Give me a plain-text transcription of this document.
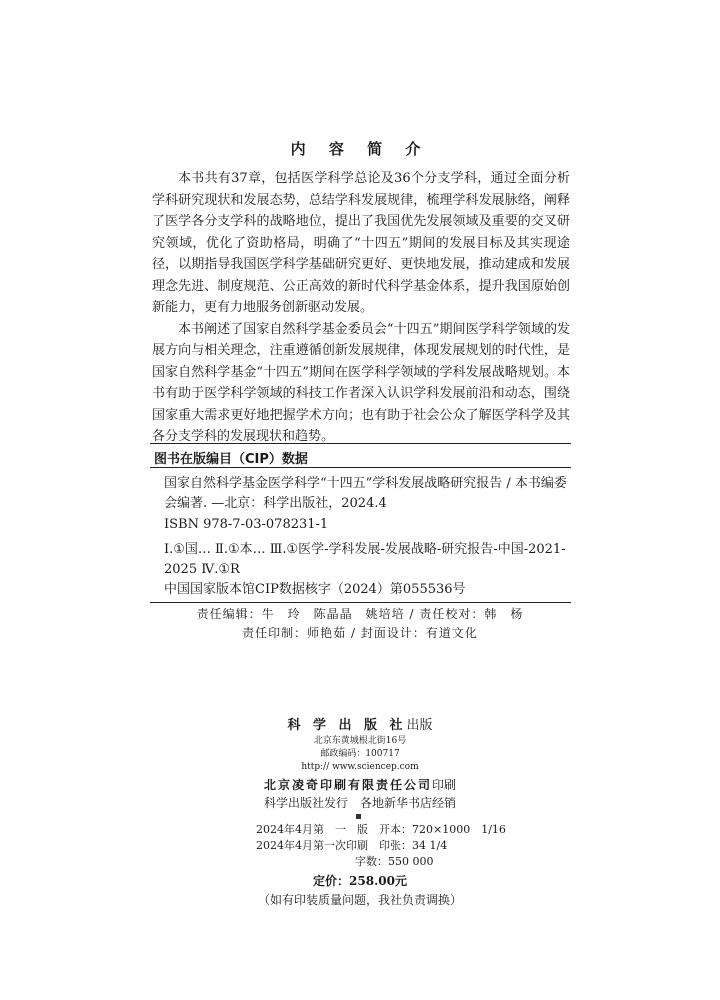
内 容 简 介

本书共有37章，包括医学科学总论及36个分支学科，通过全面分析学科研究现状和发展态势，总结学科发展规律，梳理学科发展脉络，阐释了医学各分支学科的战略地位，提出了我国优先发展领域及重要的交叉研究领域，优化了资助格局，明确了“十四五”期间的发展目标及其实现途径，以期指导我国医学科学基础研究更好、更快地发展，推动建成和发展理念先进、制度规范、公正高效的新时代科学基金体系，提升我国原始创新能力，更有力地服务创新驱动发展。

本书阐述了国家自然科学基金委员会“十四五”期间医学科学领域的发展方向与相关理念，注重遵循创新发展规律，体现发展规划的时代性，是国家自然科学基金“十四五”期间在医学科学领域的学科发展战略规划。本书有助于医学科学领域的科技工作者深入认识学科发展前沿和动态，围绕国家重大需求更好地把握学术方向；也有助于社会公众了解医学科学及其各分支学科的发展现状和趋势。

图书在版编目（CIP）数据
国家自然科学基金医学科学“十四五”学科发展战略研究报告 / 本书编委会编著. —北京：科学出版社，2024.4
ISBN 978-7-03-078231-1
Ⅰ.①国… Ⅱ.①本… Ⅲ.①医学-学科发展-发展战略-研究报告-中国-2021-2025 Ⅳ.①R
中国国家版本馆CIP数据核字（2024）第055536号
责任编辑：牛　玲　陈晶晶　姚培培 / 责任校对：韩　杨
责任印制：师艳茹 / 封面设计：有道文化
科 学 出 版 社出版
北京东黄城根北街16号
邮政编码：100717
http:// www.sciencep.com
北京凌奇印刷有限责任公司印刷
科学出版社发行　各地新华书店经销
2024年4月第　一　版　开本：720×1000　1/16
2024年4月第一次印刷　印张：34 1/4
　　　　　　　　　字数：550 000
定价：258.00元
（如有印装质量问题，我社负责调换）
